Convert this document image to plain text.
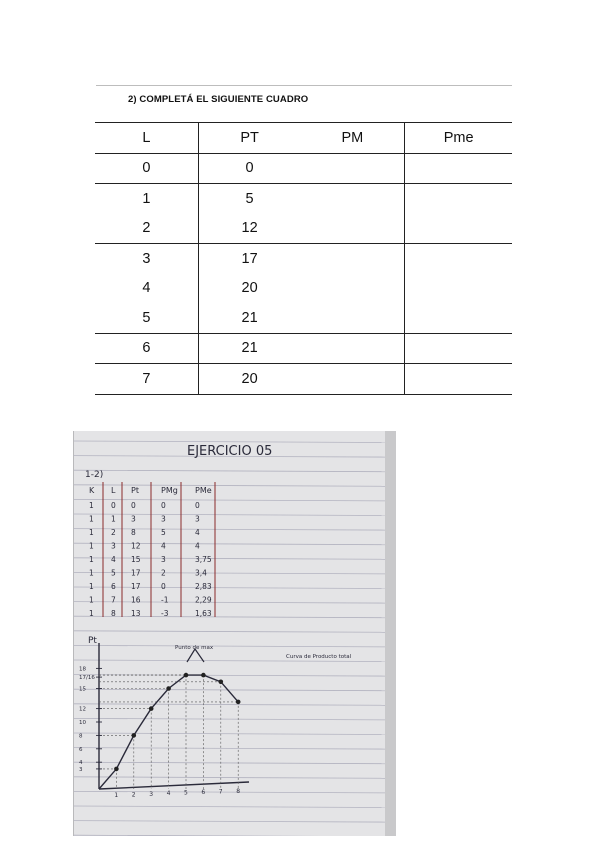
2) COMPLETÁ EL SIGUIENTE CUADRO
L	PT	PM	Pme
0	0		
1	5		
2	12		
3	17		
4	20		
5	21		
6	21		
7	20		
EJERCICIO 05
1-2)
K L Pt	PMg PMe
1 0 0	0	0
1 1 3	3	3
1 2 8	5	4
1 3 12	4	4
1 4 15	3	3,75
1 5 17	2	3,4
1 6 17	0	2,83
1 7 16	-1	2,29
1 8 13	-3	1,63
Pt
18
17/16
15
12
10
8
6
4
3
1 2 3 4 5 6 7 8
Punto de max
Curva de Producto total
